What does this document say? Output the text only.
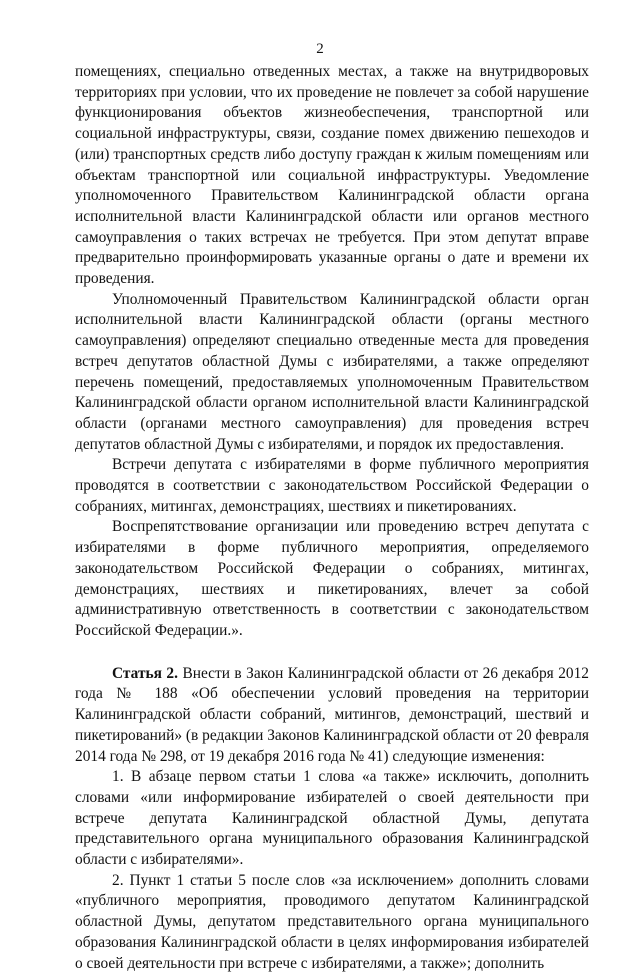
2

помещениях, специально отведенных местах, а также на внутридворовых территориях при условии, что их проведение не повлечет за собой нарушение функционирования объектов жизнеобеспечения, транспортной или социальной инфраструктуры, связи, создание помех движению пешеходов и (или) транспортных средств либо доступу граждан к жилым помещениям или объектам транспортной или социальной инфраструктуры. Уведомление уполномоченного Правительством Калининградской области органа исполнительной власти Калининградской области или органов местного самоуправления о таких встречах не требуется. При этом депутат вправе предварительно проинформировать указанные органы о дате и времени их проведения.

Уполномоченный Правительством Калининградской области орган исполнительной власти Калининградской области (органы местного самоуправления) определяют специально отведенные места для проведения встреч депутатов областной Думы с избирателями, а также определяют перечень помещений, предоставляемых уполномоченным Правительством Калининградской области органом исполнительной власти Калининградской области (органами местного самоуправления) для проведения встреч депутатов областной Думы с избирателями, и порядок их предоставления.

Встречи депутата с избирателями в форме публичного мероприятия проводятся в соответствии с законодательством Российской Федерации о собраниях, митингах, демонстрациях, шествиях и пикетированиях.

Воспрепятствование организации или проведению встреч депутата с избирателями в форме публичного мероприятия, определяемого законодательством Российской Федерации о собраниях, митингах, демонстрациях, шествиях и пикетированиях, влечет за собой административную ответственность в соответствии с законодательством Российской Федерации.».

Статья 2. Внести в Закон Калининградской области от 26 декабря 2012 года № 188 «Об обеспечении условий проведения на территории Калининградской области собраний, митингов, демонстраций, шествий и пикетирований» (в редакции Законов Калининградской области от 20 февраля 2014 года № 298, от 19 декабря 2016 года № 41) следующие изменения:

1. В абзаце первом статьи 1 слова «а также» исключить, дополнить словами «или информирование избирателей о своей деятельности при встрече депутата Калининградской областной Думы, депутата представительного органа муниципального образования Калининградской области с избирателями».

2. Пункт 1 статьи 5 после слов «за исключением» дополнить словами «публичного мероприятия, проводимого депутатом Калининградской областной Думы, депутатом представительного органа муниципального образования Калининградской области в целях информирования избирателей о своей деятельности при встрече с избирателями, а также»; дополнить
